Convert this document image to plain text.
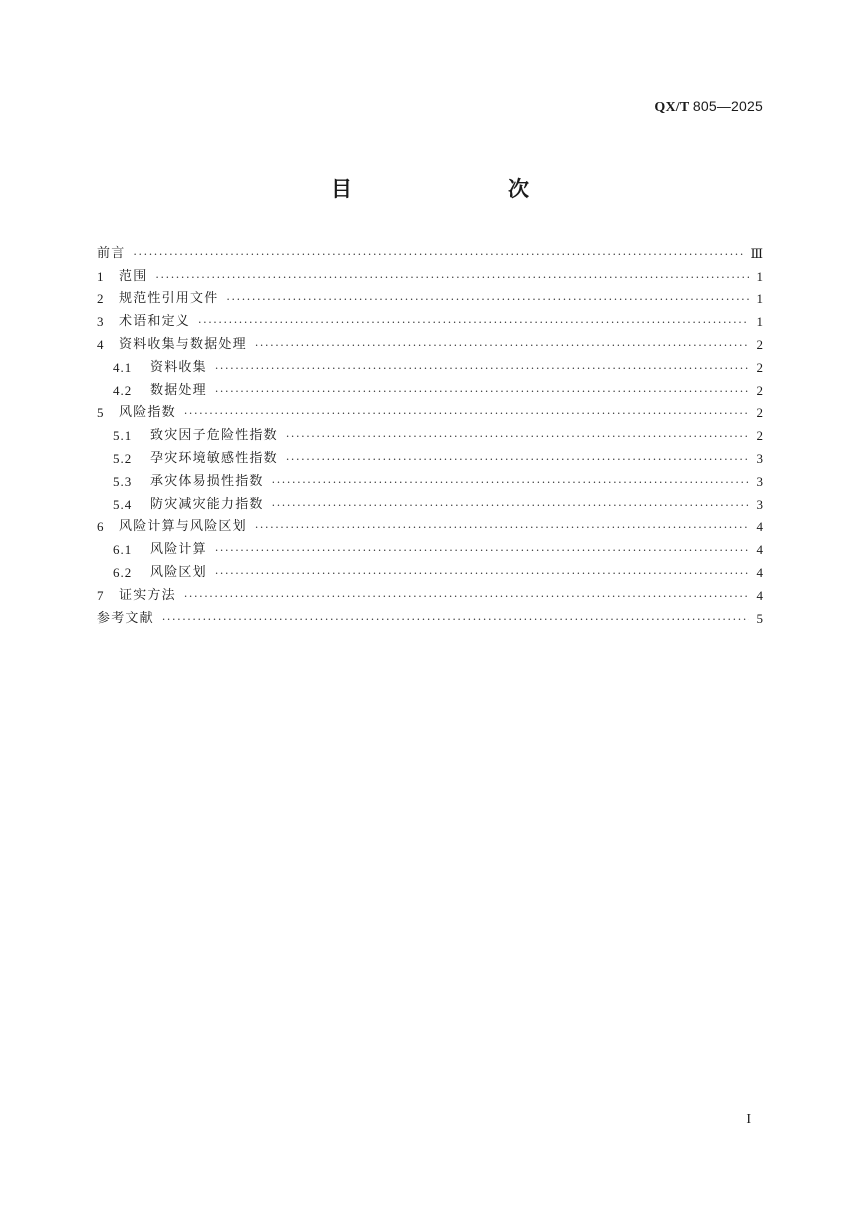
QX/T 805—2025
目　　次
前言 ·····	Ⅲ
1	范围 ·····	1
2	规范性引用文件 ·····	1
3	术语和定义 ·····	1
4	资料收集与数据处理 ·····	2
4.1	资料收集 ·····	2
4.2	数据处理 ·····	2
5	风险指数 ·····	2
5.1	致灾因子危险性指数 ·····	2
5.2	孕灾环境敏感性指数 ·····	3
5.3	承灾体易损性指数 ·····	3
5.4	防灾减灾能力指数 ·····	3
6	风险计算与风险区划 ·····	4
6.1	风险计算 ·····	4
6.2	风险区划 ·····	4
7	证实方法 ·····	4
参考文献 ·····	5
I
